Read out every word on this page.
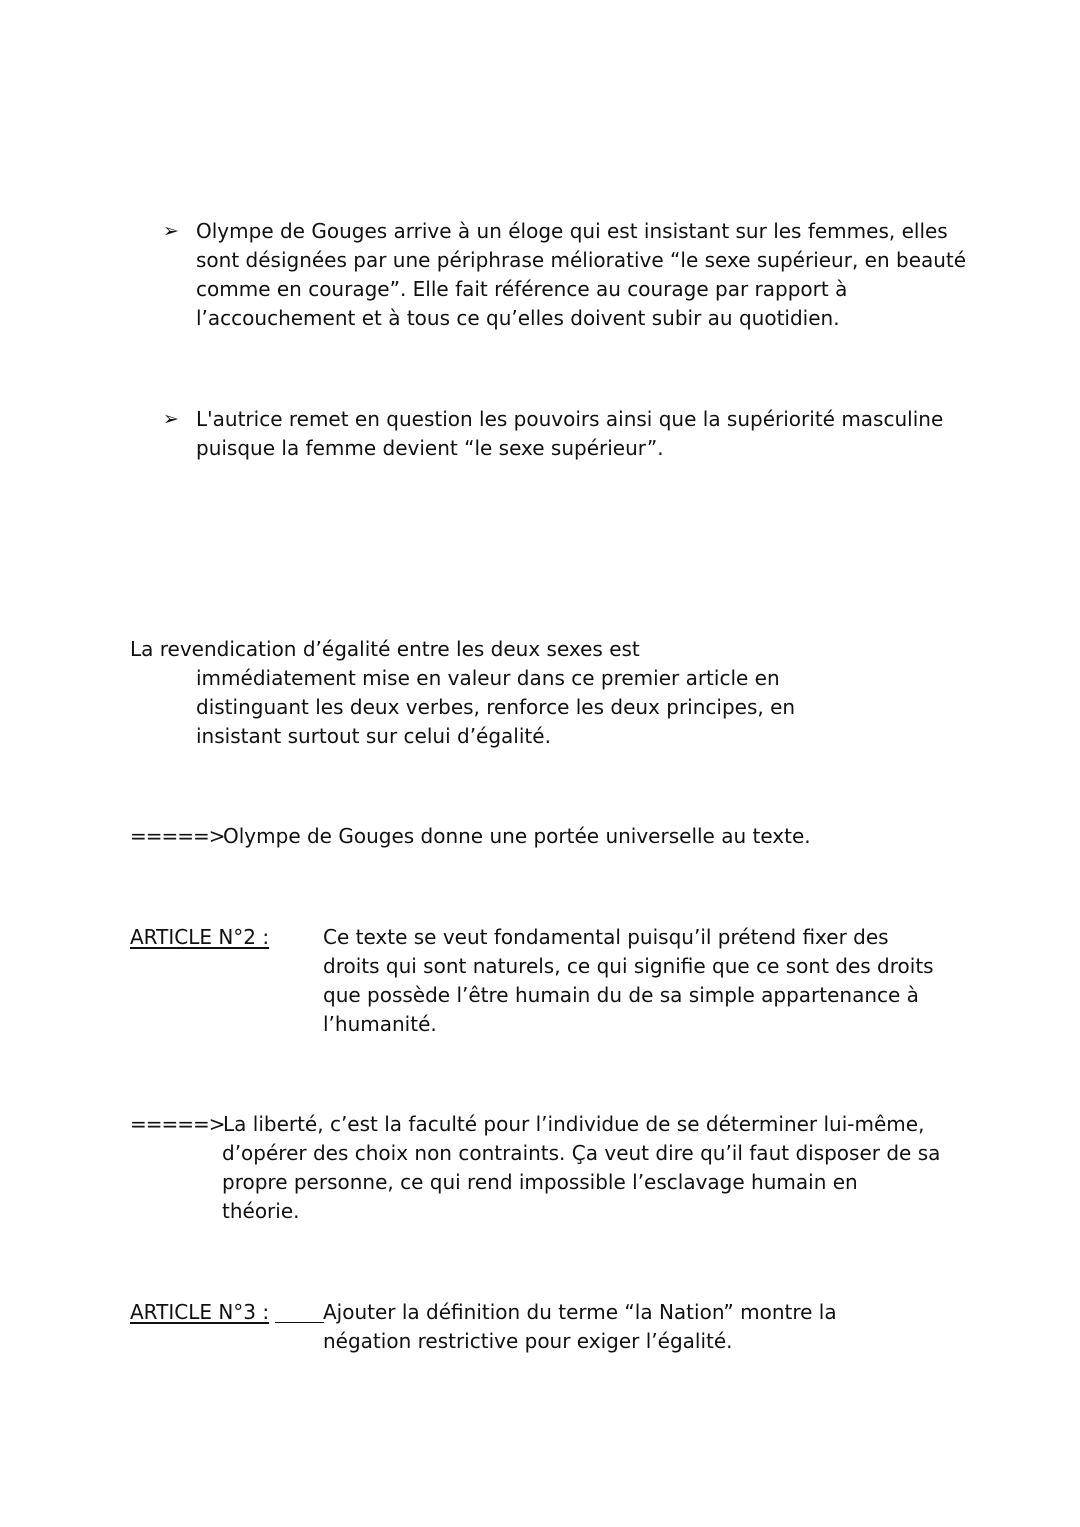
➢ Olympe de Gouges arrive à un éloge qui est insistant sur les femmes, elles
sont désignées par une périphrase méliorative “le sexe supérieur, en beauté
comme en courage”. Elle fait référence au courage par rapport à
l’accouchement et à tous ce qu’elles doivent subir au quotidien.
➢ L'autrice remet en question les pouvoirs ainsi que la supériorité masculine
puisque la femme devient “le sexe supérieur”.
La revendication d’égalité entre les deux sexes est
immédiatement mise en valeur dans ce premier article en
distinguant les deux verbes, renforce les deux principes, en
insistant surtout sur celui d’égalité.
=====>
Olympe de Gouges donne une portée universelle au texte.
ARTICLE N°2 :	Ce texte se veut fondamental puisqu’il prétend fixer des
droits qui sont naturels, ce qui signifie que ce sont des droits
que possède l’être humain du de sa simple appartenance à
l’humanité.
=====>
La liberté, c’est la faculté pour l’individue de se déterminer lui-même,
d’opérer des choix non contraints. Ça veut dire qu’il faut disposer de sa
propre personne, ce qui rend impossible l’esclavage humain en
théorie.
ARTICLE N°3 :	Ajouter la définition du terme “la Nation” montre la
négation restrictive pour exiger l’égalité.
